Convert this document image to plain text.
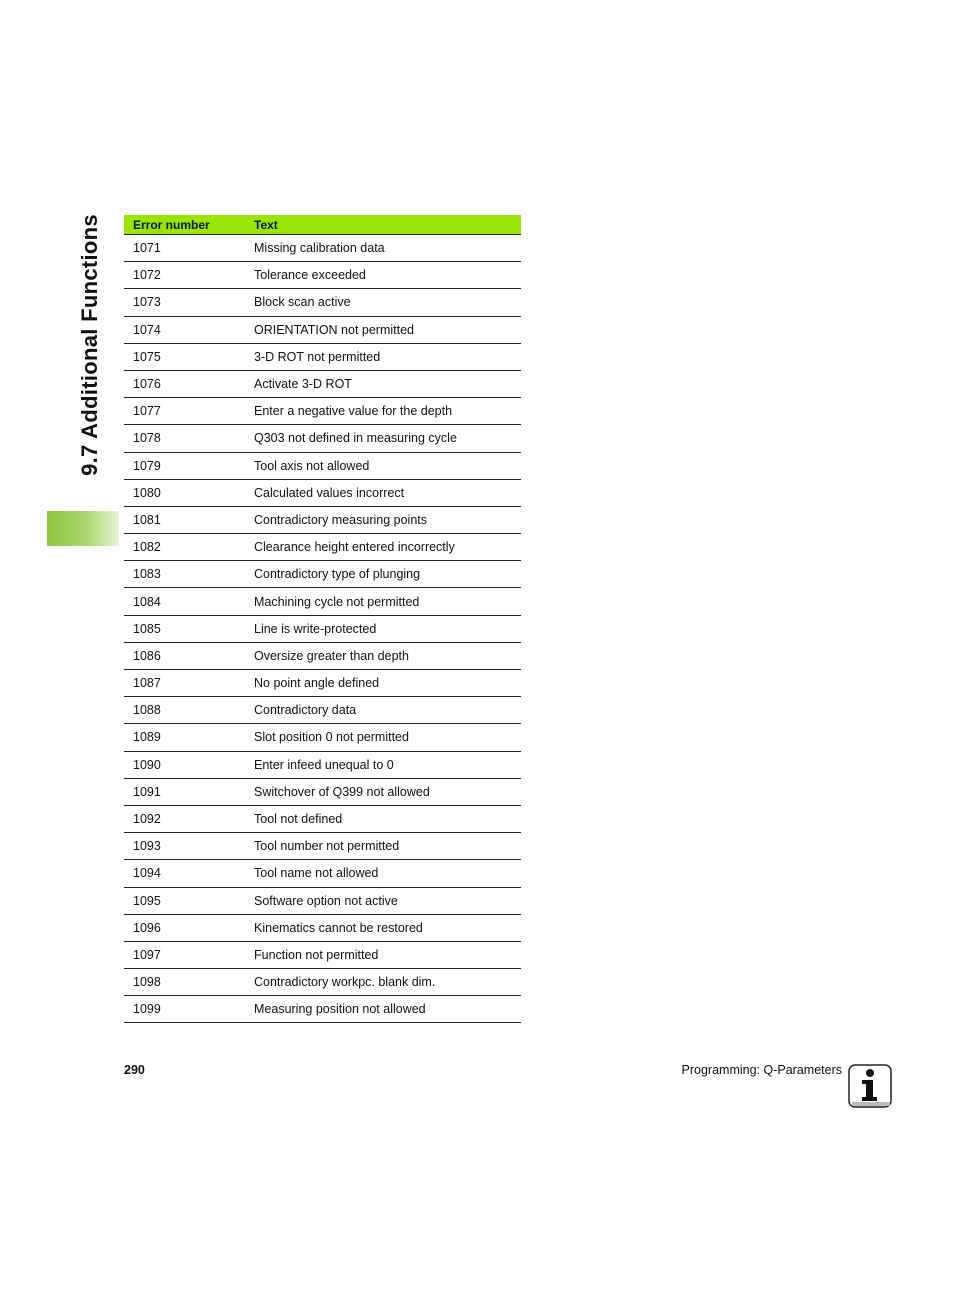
9.7 Additional Functions	Error number	Text
1071	Missing calibration data
1072	Tolerance exceeded
1073	Block scan active
1074	ORIENTATION not permitted
1075	3-D ROT not permitted
1076	Activate 3-D ROT
1077	Enter a negative value for the depth
1078	Q303 not defined in measuring cycle
1079	Tool axis not allowed
1080	Calculated values incorrect
1081	Contradictory measuring points
1082	Clearance height entered incorrectly
1083	Contradictory type of plunging
1084	Machining cycle not permitted
1085	Line is write-protected
1086	Oversize greater than depth
1087	No point angle defined
1088	Contradictory data
1089	Slot position 0 not permitted
1090	Enter infeed unequal to 0
1091	Switchover of Q399 not allowed
1092	Tool not defined
1093	Tool number not permitted
1094	Tool name not allowed
1095	Software option not active
1096	Kinematics cannot be restored
1097	Function not permitted
1098	Contradictory workpc. blank dim.
1099	Measuring position not allowed
290	Programming: Q-Parameters
